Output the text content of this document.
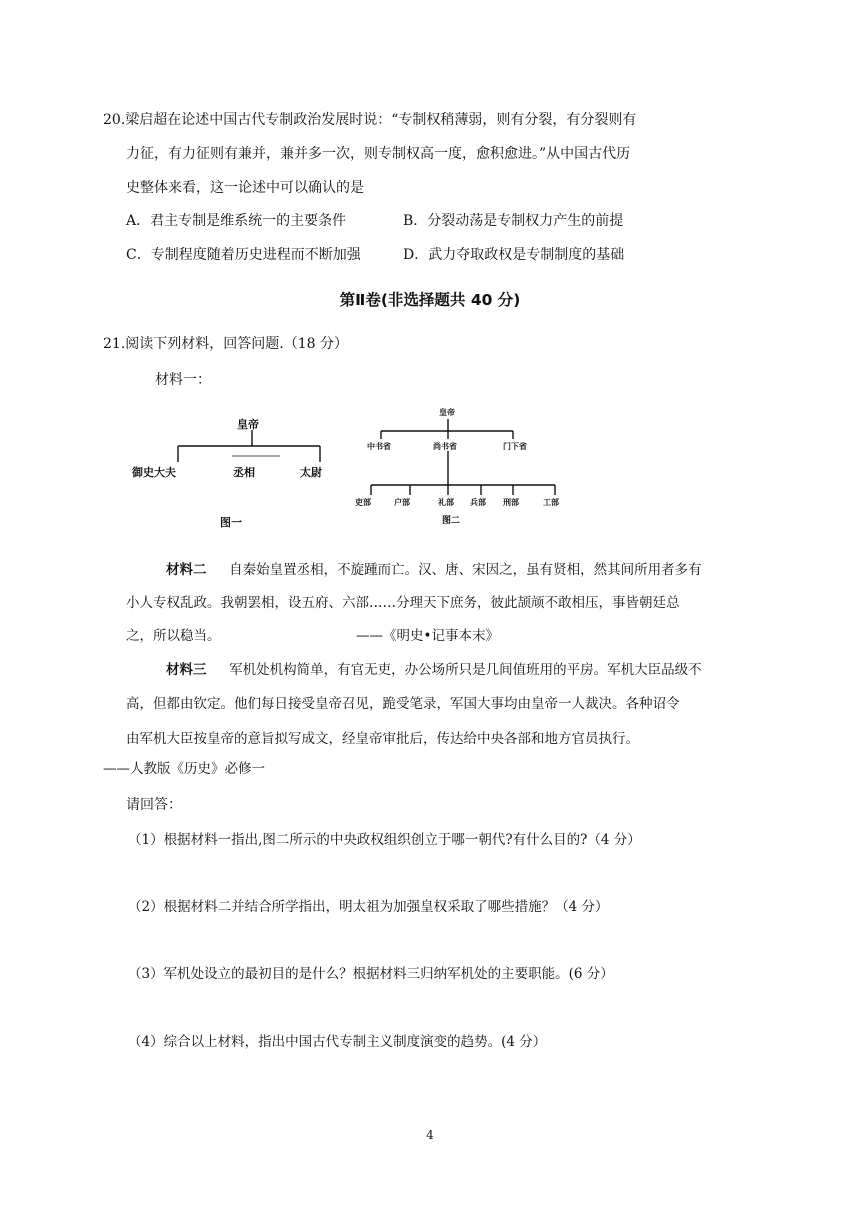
20.梁启超在论述中国古代专制政治发展时说：“专制权稍薄弱，则有分裂，有分裂则有
力征，有力征则有兼并，兼并多一次，则专制权高一度，愈积愈进。”从中国古代历
史整体来看，这一论述中可以确认的是
A．君主专制是维系统一的主要条件	B．分裂动荡是专制权力产生的前提
C．专制程度随着历史进程而不断加强	D．武力夺取政权是专制制度的基础
第Ⅱ卷(非选择题共 40 分)
21.阅读下列材料，回答问题.（18 分）
材料一：
皇帝
御史大夫	丞相	太尉
图一
皇帝
中书省	尚书省	门下省
吏部	户部	礼部 兵部 刑部	工部
图二
材料二 自秦始皇置丞相，不旋踵而亡。汉、唐、宋因之，虽有贤相，然其间所用者多有
小人专权乱政。我朝罢相，设五府、六部……分理天下庶务，彼此颉颃不敢相压，事皆朝廷总
之，所以稳当。	——《明史•记事本末》
材料三 军机处机构简单，有官无吏，办公场所只是几间值班用的平房。军机大臣品级不
高，但都由钦定。他们每日接受皇帝召见，跪受笔录，军国大事均由皇帝一人裁决。各种诏令
由军机大臣按皇帝的意旨拟写成文，经皇帝审批后，传达给中央各部和地方官员执行。
——人教版《历史》必修一
请回答：
（1）根据材料一指出,图二所示的中央政权组织创立于哪一朝代?有什么目的?（4 分）
（2）根据材料二并结合所学指出，明太祖为加强皇权采取了哪些措施？（4 分）
（3）军机处设立的最初目的是什么？根据材料三归纳军机处的主要职能。(6 分）
（4）综合以上材料，指出中国古代专制主义制度演变的趋势。(4 分）
4
